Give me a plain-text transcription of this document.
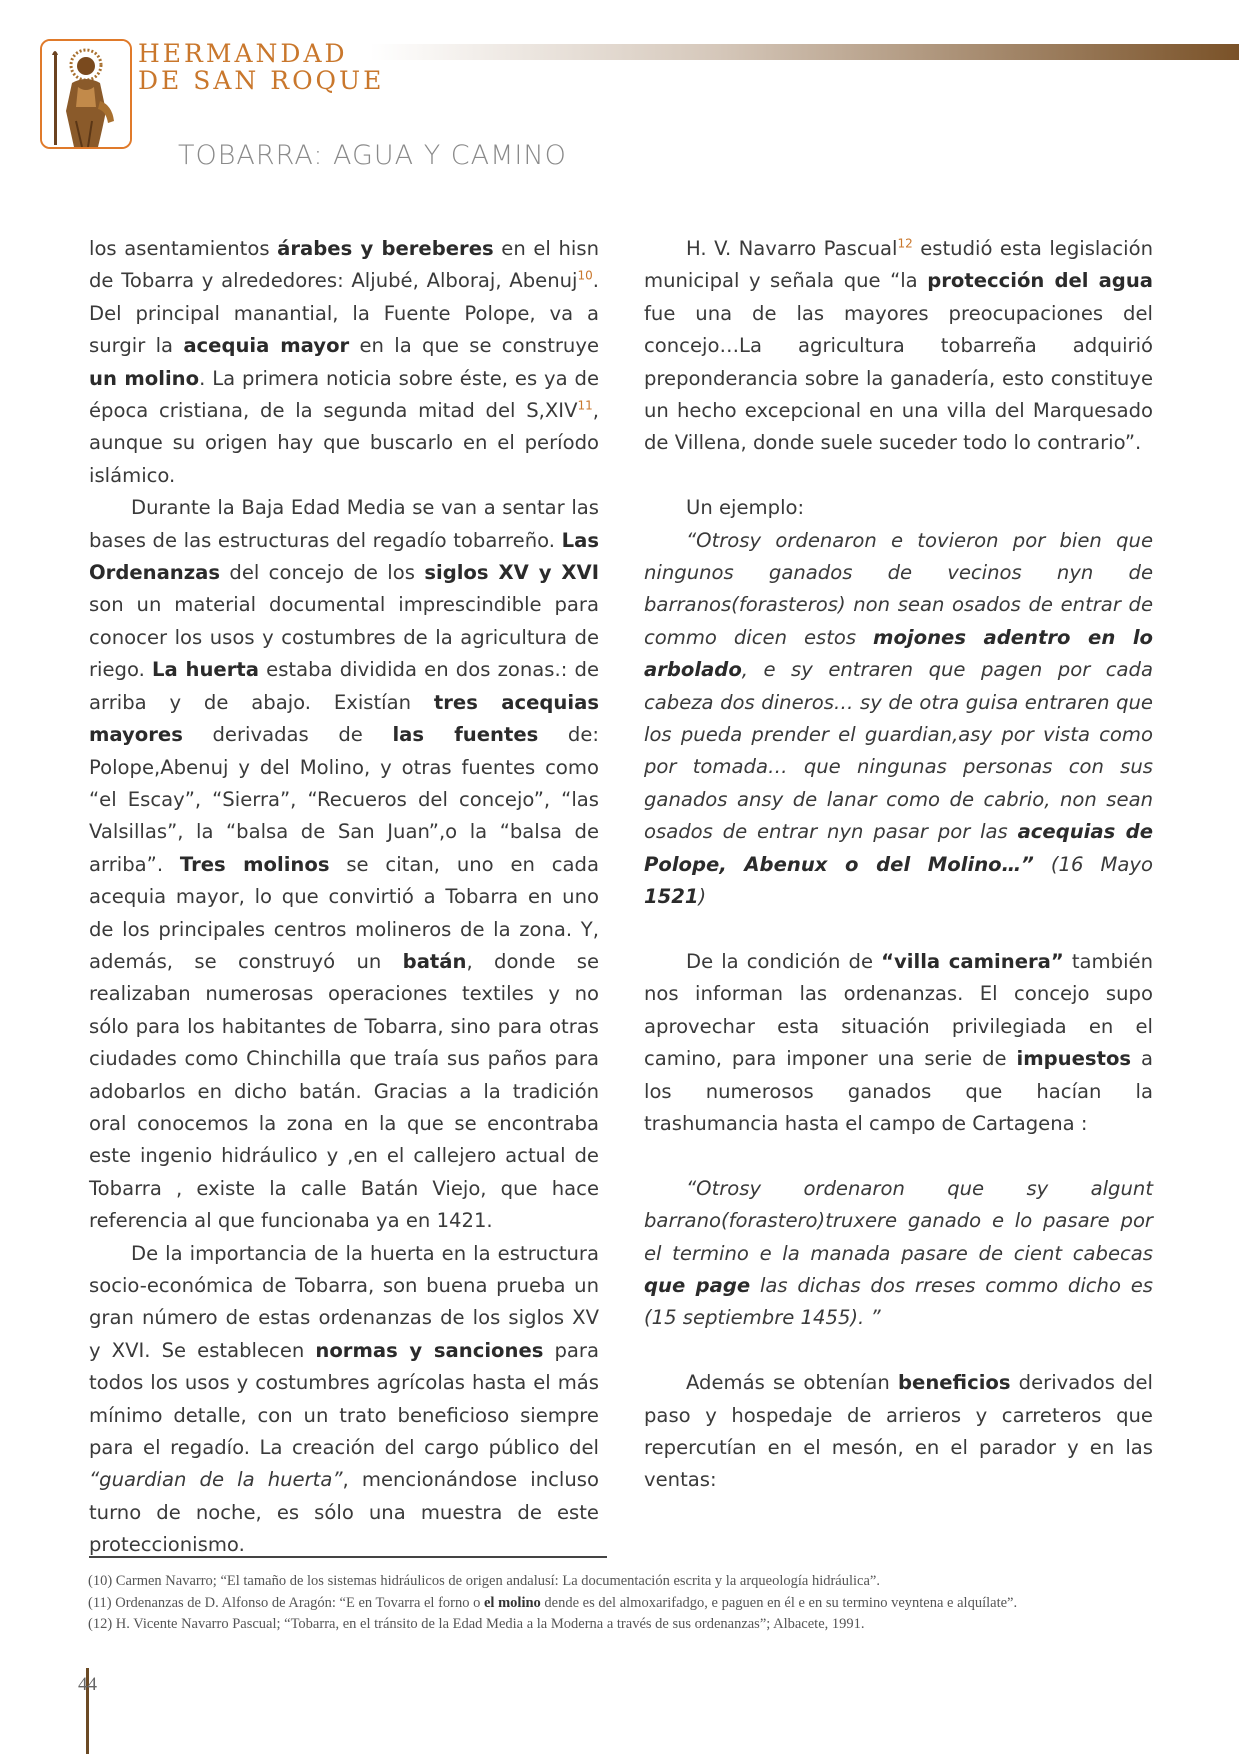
HERMANDAD
DE SAN ROQUE
TOBARRA: AGUA Y CAMINO

los asentamientos árabes y bereberes en el hisn de Tobarra y alrededores: Aljubé, Alboraj, Abenuj$^{10}$. Del principal manantial, la Fuente Polope, va a surgir la acequia mayor en la que se construye un molino. La primera noticia sobre éste, es ya de época cristiana, de la segunda mitad del S,XIV$^{11}$, aunque su origen hay que buscarlo en el período islámico.

Durante la Baja Edad Media se van a sentar las bases de las estructuras del regadío tobarreño. Las Ordenanzas del concejo de los siglos XV y XVI son un material documental imprescindible para conocer los usos y costumbres de la agricultura de riego. La huerta estaba dividida en dos zonas.: de arriba y de abajo. Existían tres acequias mayores derivadas de las fuentes de: Polope,Abenuj y del Molino, y otras fuentes como “el Escay”, “Sierra”, “Recueros del concejo”, “las Valsillas”, la “balsa de San Juan”,o la “balsa de arriba”. Tres molinos se citan, uno en cada acequia mayor, lo que convirtió a Tobarra en uno de los principales centros molineros de la zona. Y, además, se construyó un batán, donde se realizaban numerosas operaciones textiles y no sólo para los habitantes de Tobarra, sino para otras ciudades como Chinchilla que traía sus paños para adobarlos en dicho batán. Gracias a la tradición oral conocemos la zona en la que se encontraba este ingenio hidráulico y ,en el callejero actual de Tobarra , existe la calle Batán Viejo, que hace referencia al que funcionaba ya en 1421.

De la importancia de la huerta en la estructura socio-económica de Tobarra, son buena prueba un gran número de estas ordenanzas de los siglos XV y XVI. Se establecen normas y sanciones para todos los usos y costumbres agrícolas hasta el más mínimo detalle, con un trato beneficioso siempre para el regadío. La creación del cargo público del “guardian de la huerta”, mencionándose incluso turno de noche, es sólo una muestra de este proteccionismo.

H. V. Navarro Pascual$^{12}$ estudió esta legislación municipal y señala que “la protección del agua fue una de las mayores preocupaciones del concejo…La agricultura tobarreña adquirió preponderancia sobre la ganadería, esto constituye un hecho excepcional en una villa del Marquesado de Villena, donde suele suceder todo lo contrario”.

Un ejemplo:

“Otrosy ordenaron e tovieron por bien que ningunos ganados de vecinos nyn de barranos(forasteros) non sean osados de entrar de commo dicen estos mojones adentro en lo arbolado, e sy entraren que pagen por cada cabeza dos dineros… sy de otra guisa entraren que los pueda prender el guardian,asy por vista como por tomada… que ningunas personas con sus ganados ansy de lanar como de cabrio, non sean osados de entrar nyn pasar por las acequias de Polope, Abenux o del Molino…” (16 Mayo 1521)

De la condición de “villa caminera” también nos informan las ordenanzas. El concejo supo aprovechar esta situación privilegiada en el camino, para imponer una serie de impuestos a los numerosos ganados que hacían la trashumancia hasta el campo de Cartagena :

“Otrosy ordenaron que sy algunt barrano(forastero)truxere ganado e lo pasare por el termino e la manada pasare de cient cabecas que page las dichas dos rreses commo dicho es (15 septiembre 1455). ”

Además se obtenían beneficios derivados del paso y hospedaje de arrieros y carreteros que repercutían en el mesón, en el parador y en las ventas:

(10) Carmen Navarro; “El tamaño de los sistemas hidráulicos de origen andalusí: La documentación escrita y la arqueología hidráulica”.
(11) Ordenanzas de D. Alfonso de Aragón: “E en Tovarra el forno o el molino dende es del almoxarifadgo, e paguen en él e en su termino veyntena e alquílate”.
(12) H. Vicente Navarro Pascual; “Tobarra, en el tránsito de la Edad Media a la Moderna a través de sus ordenanzas”; Albacete, 1991.
44
